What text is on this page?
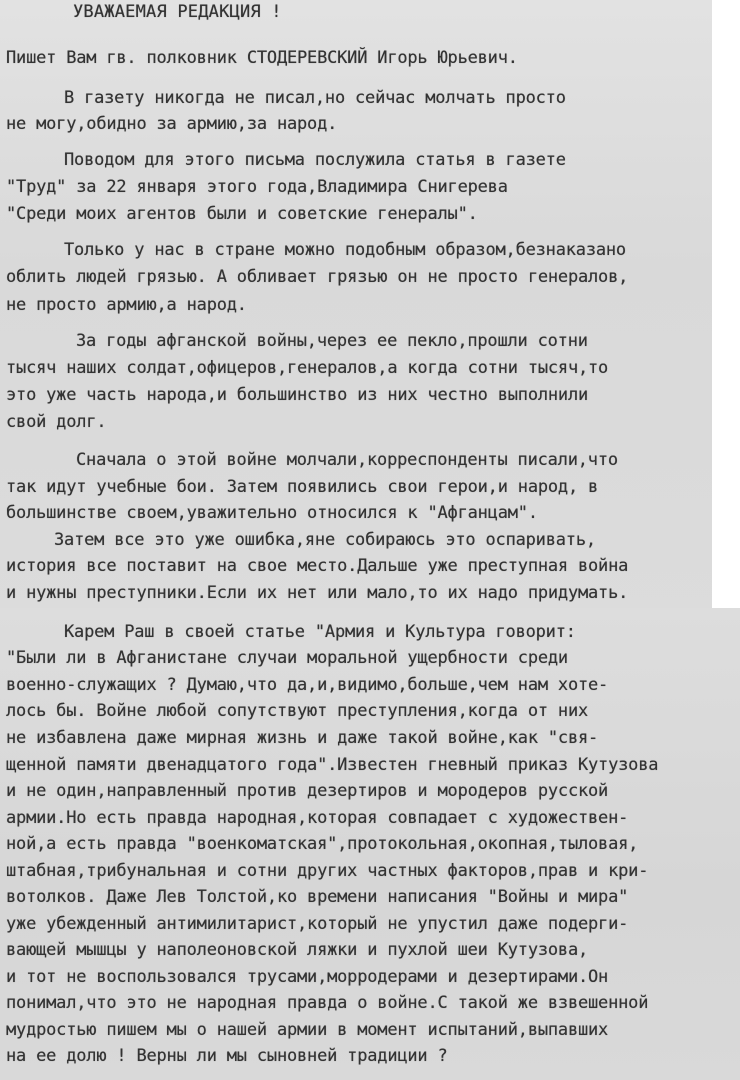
УВАЖАЕМАЯ РЕДАКЦИЯ !
Пишет Вам гв. полковник СТОДЕРЕВСКИЙ Игорь Юрьевич.
В газету никогда не писал,но сейчас молчать просто
не могу,обидно за армию,за народ.
Поводом для этого письма послужила статья в газете
"Труд" за 22 января этого года,Владимира Снигерева
"Среди моих агентов были и советские генералы".
Только у нас в стране можно подобным образом,безнаказано
облить людей грязью. А обливает грязью он не просто генералов,
не просто армию,а народ.
За годы афганской войны,через ее пекло,прошли сотни
тысяч наших солдат,офицеров,генералов,а когда сотни тысяч,то
это уже часть народа,и большинство из них честно выполнили
свой долг.
Сначала о этой войне молчали,корреспонденты писали,что
так идут учебные бои. Затем появились свои герои,и народ, в
большинстве своем,уважительно относился к "Афганцам".
Затем все это уже ошибка,яне собираюсь это оспаривать,
история все поставит на свое место.Дальше уже преступная война
и нужны преступники.Если их нет или мало,то их надо придумать.
Карем Раш в своей статье "Армия и Культура говорит:
"Были ли в Афганистане случаи моральной ущербности среди
военно-служащих ? Думаю,что да,и,видимо,больше,чем нам хоте-
лось бы. Войне любой сопутствуют преступления,когда от них
не избавлена даже мирная жизнь и даже такой войне,как "свя-
щенной памяти двенадцатого года".Известен гневный приказ Кутузова
и не один,направленный против дезертиров и мородеров русской
армии.Но есть правда народная,которая совпадает с художествен-
ной,а есть правда "военкоматская",протокольная,окопная,тыловая,
штабная,трибунальная и сотни других частных факторов,прав и кри-
вотолков. Даже Лев Толстой,ко времени написания "Войны и мира"
уже убежденный антимилитарист,который не упустил даже подерги-
вающей мышцы у наполеоновской ляжки и пухлой шеи Кутузова,
и тот не воспользовался трусами,морродерами и дезертирами.Он
понимал,что это не народная правда о войне.С такой же взвешенной
мудростью пишем мы о нашей армии в момент испытаний,выпавших
на ее долю ! Верны ли мы сыновней традиции ?
